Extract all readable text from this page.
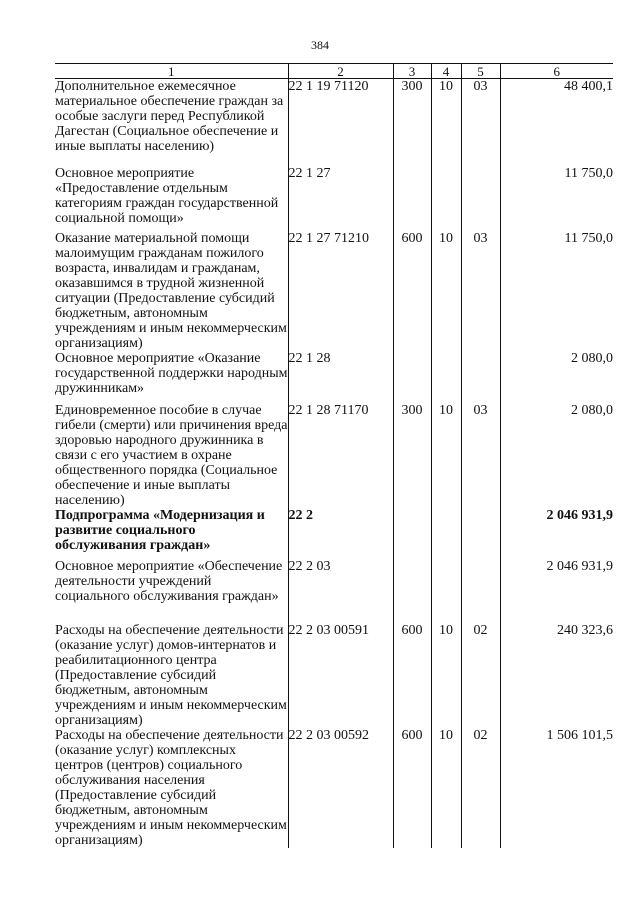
384
1	2	3	4	5	6
Дополнительное ежемесячное материальное обеспечение граждан за особые заслуги перед Республикой Дагестан (Социальное обеспечение и иные выплаты населению)	22 1 19 71120	300	10	03	48 400,1
Основное мероприятие «Предоставление отдельным категориям граждан государственной социальной помощи»	22 1 27				11 750,0
Оказание материальной помощи малоимущим гражданам пожилого возраста, инвалидам и гражданам, оказавшимся в трудной жизненной ситуации (Предоставление субсидий бюджетным, автономным учреждениям и иным некоммерческим организациям)	22 1 27 71210	600	10	03	11 750,0
Основное мероприятие «Оказание государственной поддержки народным дружинникам»	22 1 28				2 080,0
Единовременное пособие в случае гибели (смерти) или причинения вреда здоровью народного дружинника в связи с его участием в охране общественного порядка (Социальное обеспечение и иные выплаты населению)	22 1 28 71170	300	10	03	2 080,0
Подпрограмма «Модернизация и развитие социального обслуживания граждан»	22 2				2 046 931,9
Основное мероприятие «Обеспечение деятельности учреждений социального обслуживания граждан»	22 2 03				2 046 931,9
Расходы на обеспечение деятельности (оказание услуг) домов-интернатов и реабилитационного центра (Предоставление субсидий бюджетным, автономным учреждениям и иным некоммерческим организациям)	22 2 03 00591	600	10	02	240 323,6
Расходы на обеспечение деятельности (оказание услуг) комплексных центров (центров) социального обслуживания населения (Предоставление субсидий бюджетным, автономным учреждениям и иным некоммерческим организациям)	22 2 03 00592	600	10	02	1 506 101,5
